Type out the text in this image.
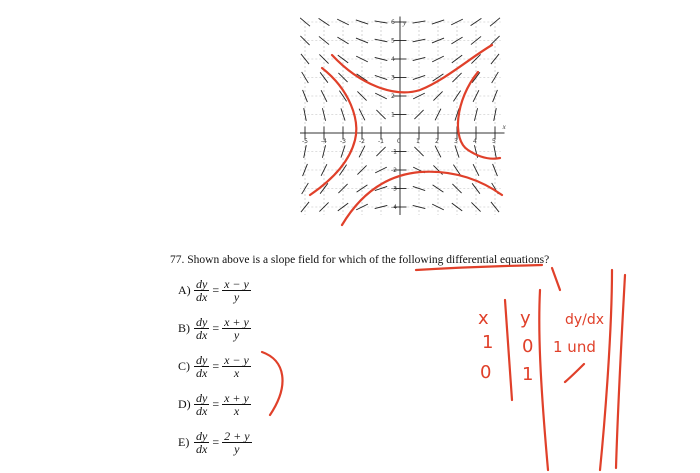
-5 -4 -3 -2 -1 0	1	2	3	4	5
6
5
4
3
2
1
-1
-2
-3
-4
x
y
77. Shown above is a slope field for which of the following differential equations?
$A) \frac{dy}{dx} = \frac{x - y}{y}$
$B) \frac{dy}{dx} = \frac{x + y}{y}$
$C) \frac{dy}{dx} = \frac{x - y}{x}$
$D) \frac{dy}{dx} = \frac{x + y}{x}$
$E) \frac{dy}{dx} = \frac{2 + y}{y}$
x y dy/dx
1 0 1 und
0 1
